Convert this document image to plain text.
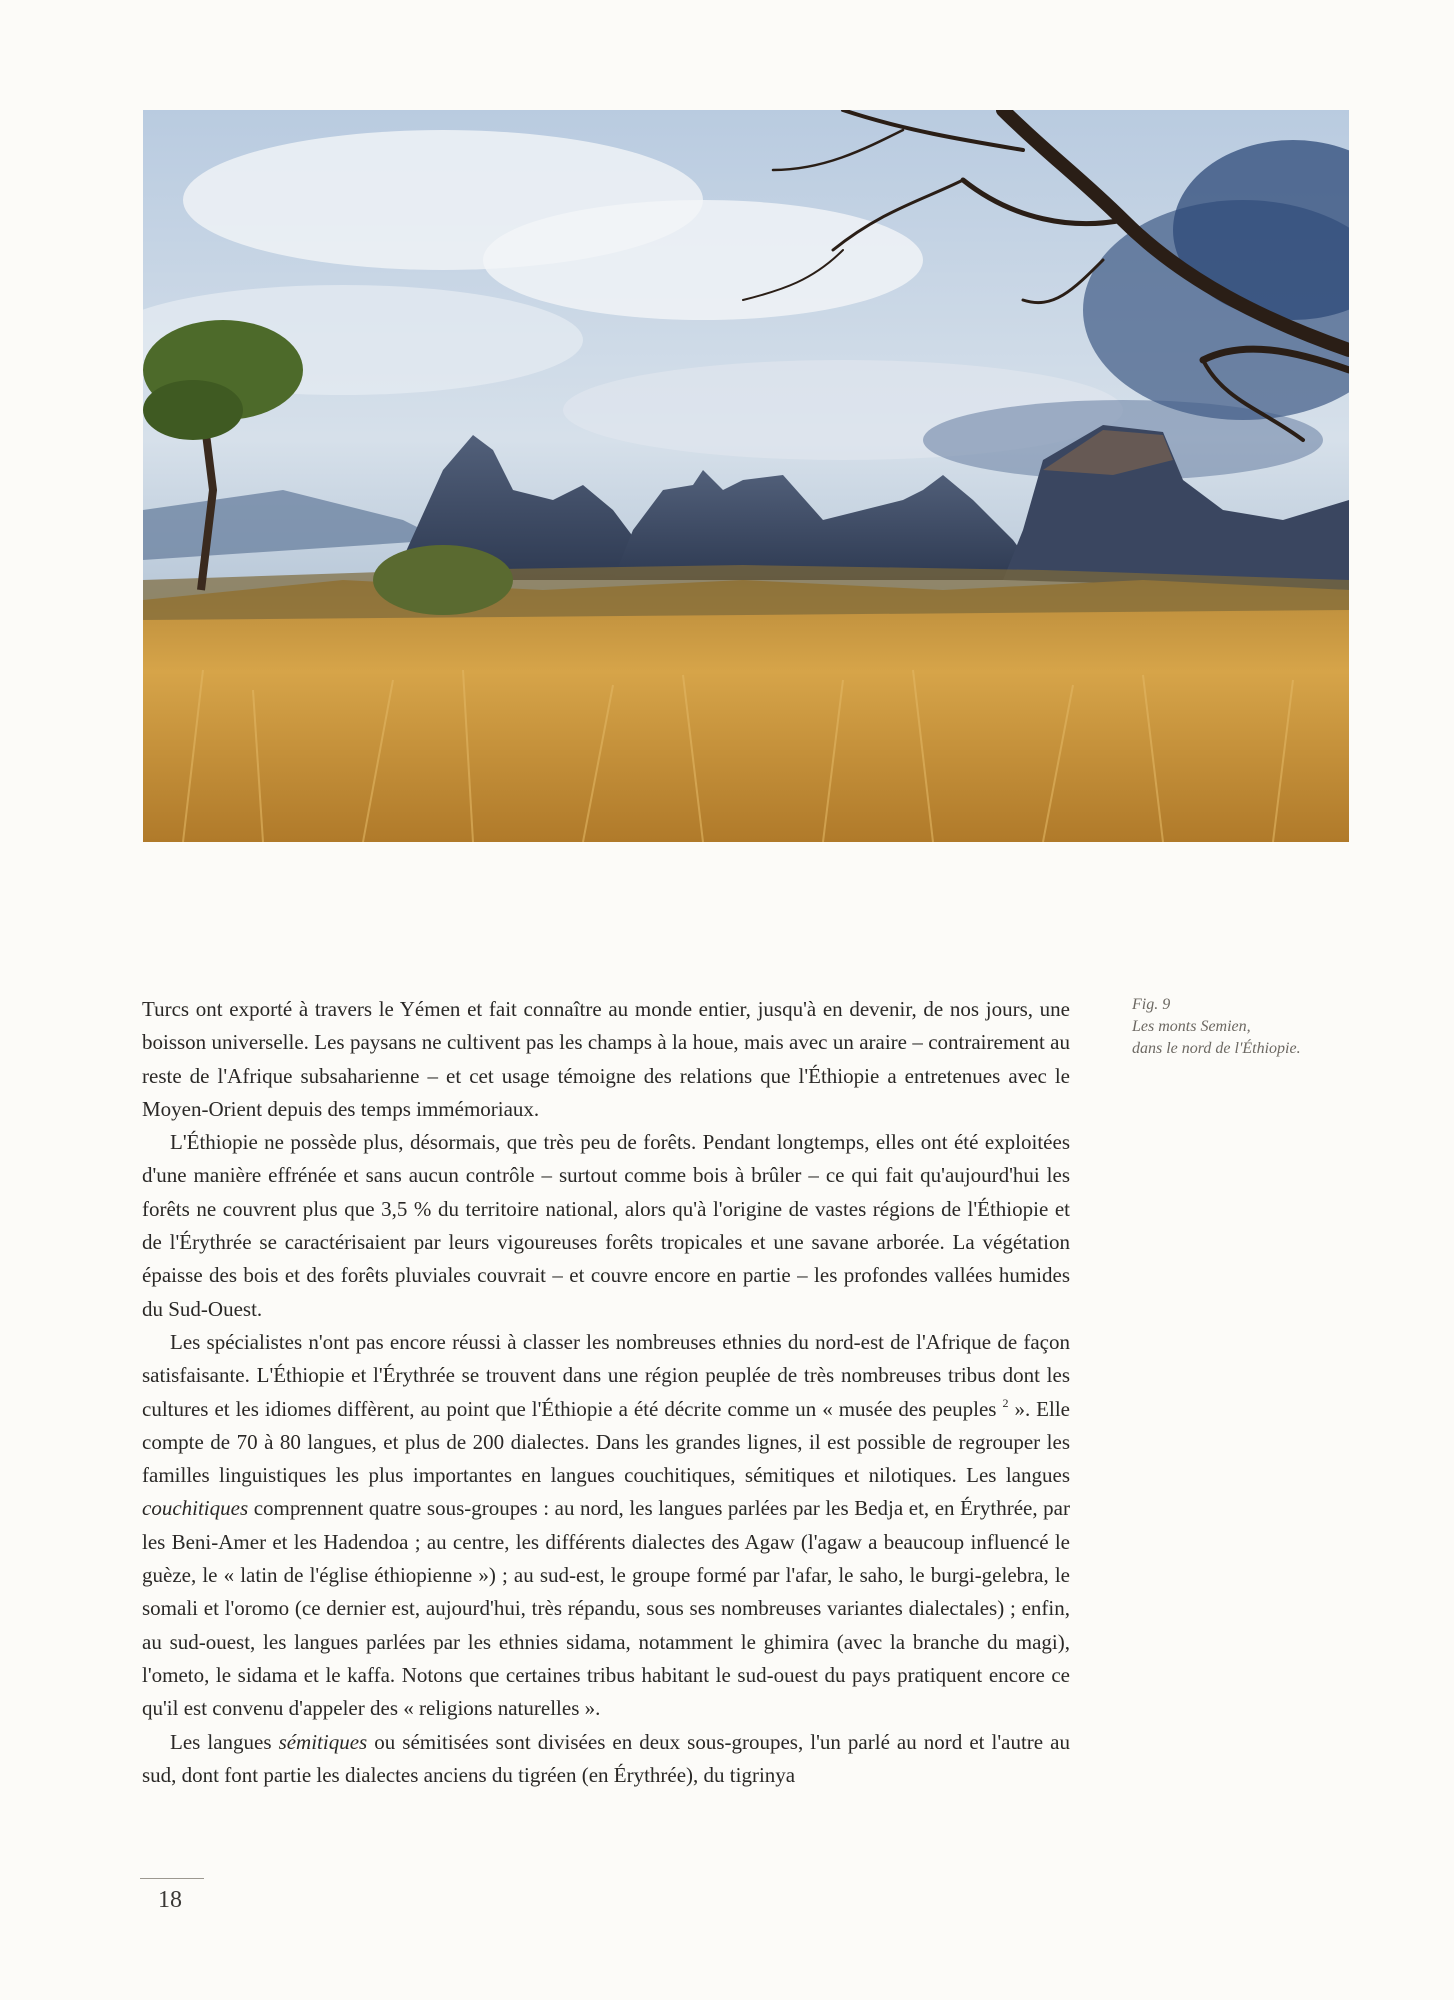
Turcs ont exporté à travers le Yémen et fait connaître au monde entier, jusqu'à en devenir, de nos jours, une boisson universelle. Les paysans ne cultivent pas les champs à la houe, mais avec un araire – contrairement au reste de l'Afrique subsaharienne – et cet usage témoigne des relations que l'Éthiopie a entretenues avec le Moyen-Orient depuis des temps immémoriaux.

L'Éthiopie ne possède plus, désormais, que très peu de forêts. Pendant longtemps, elles ont été exploitées d'une manière effrénée et sans aucun contrôle – surtout comme bois à brûler – ce qui fait qu'aujourd'hui les forêts ne couvrent plus que 3,5 % du territoire national, alors qu'à l'origine de vastes régions de l'Éthiopie et de l'Érythrée se caractérisaient par leurs vigoureuses forêts tropicales et une savane arborée. La végétation épaisse des bois et des forêts pluviales couvrait – et couvre encore en partie – les profondes vallées humides du Sud-Ouest.

Les spécialistes n'ont pas encore réussi à classer les nombreuses ethnies du nord-est de l'Afrique de façon satisfaisante. L'Éthiopie et l'Érythrée se trouvent dans une région peuplée de très nombreuses tribus dont les cultures et les idiomes diffèrent, au point que l'Éthiopie a été décrite comme un « musée des peuples $^2$ ». Elle compte de 70 à 80 langues, et plus de 200 dialectes. Dans les grandes lignes, il est possible de regrouper les familles linguistiques les plus importantes en langues couchitiques, sémitiques et nilotiques. Les langues couchitiques comprennent quatre sous-groupes : au nord, les langues parlées par les Bedja et, en Érythrée, par les Beni-Amer et les Hadendoa ; au centre, les différents dialectes des Agaw (l'agaw a beaucoup influencé le guèze, le « latin de l'église éthiopienne ») ; au sud-est, le groupe formé par l'afar, le saho, le burgi-gelebra, le somali et l'oromo (ce dernier est, aujourd'hui, très répandu, sous ses nombreuses variantes dialectales) ; enfin, au sud-ouest, les langues parlées par les ethnies sidama, notamment le ghimira (avec la branche du magi), l'ometo, le sidama et le kaffa. Notons que certaines tribus habitant le sud-ouest du pays pratiquent encore ce qu'il est convenu d'appeler des « religions naturelles ».

Les langues sémitiques ou sémitisées sont divisées en deux sous-groupes, l'un parlé au nord et l'autre au sud, dont font partie les dialectes anciens du tigréen (en Érythrée), du tigrinya

Fig. 9
Les monts Semien,
dans le nord de l'Éthiopie.
18
